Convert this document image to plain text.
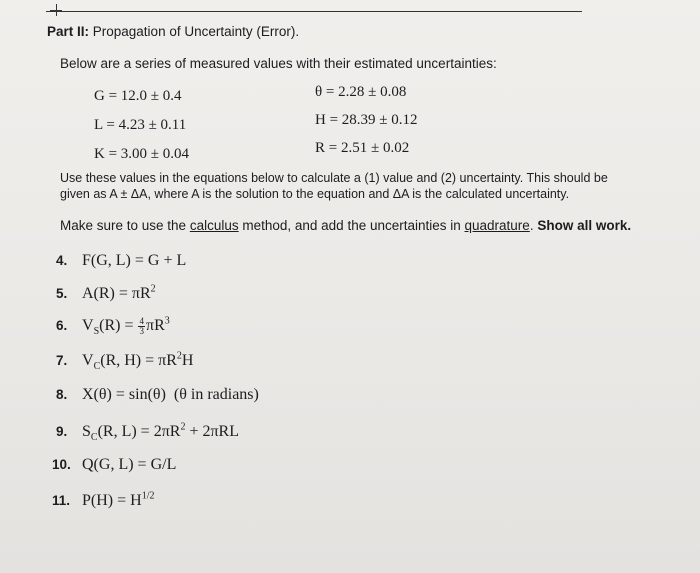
Part II: Propagation of Uncertainty (Error).
Below are a series of measured values with their estimated uncertainties:
G = 12.0 ± 0.4	θ = 2.28 ± 0.08
L = 4.23 ± 0.11	H = 28.39 ± 0.12
K = 3.00 ± 0.04	R = 2.51 ± 0.02
Use these values in the equations below to calculate a (1) value and (2) uncertainty. This should be
given as A ± ΔA, where A is the solution to the equation and ΔA is the calculated uncertainty.
Make sure to use the calculus method, and add the uncertainties in quadrature. Show all work.
4. F(G, L) = G + L
5. $A(R) = \pi R^2$
6. $V_S(R) = \frac{4}{3} \pi R^3$
7. $V_C(R$, $H) = \pi R^2H$
8. X(θ) = sin(θ)  (θ in radians)
9. $S_C(R$, $L) = 2\pi R^2 + 2\pi RL$
10. Q(G, L) = G/L
11. $P(H) = H^{1/2}$
